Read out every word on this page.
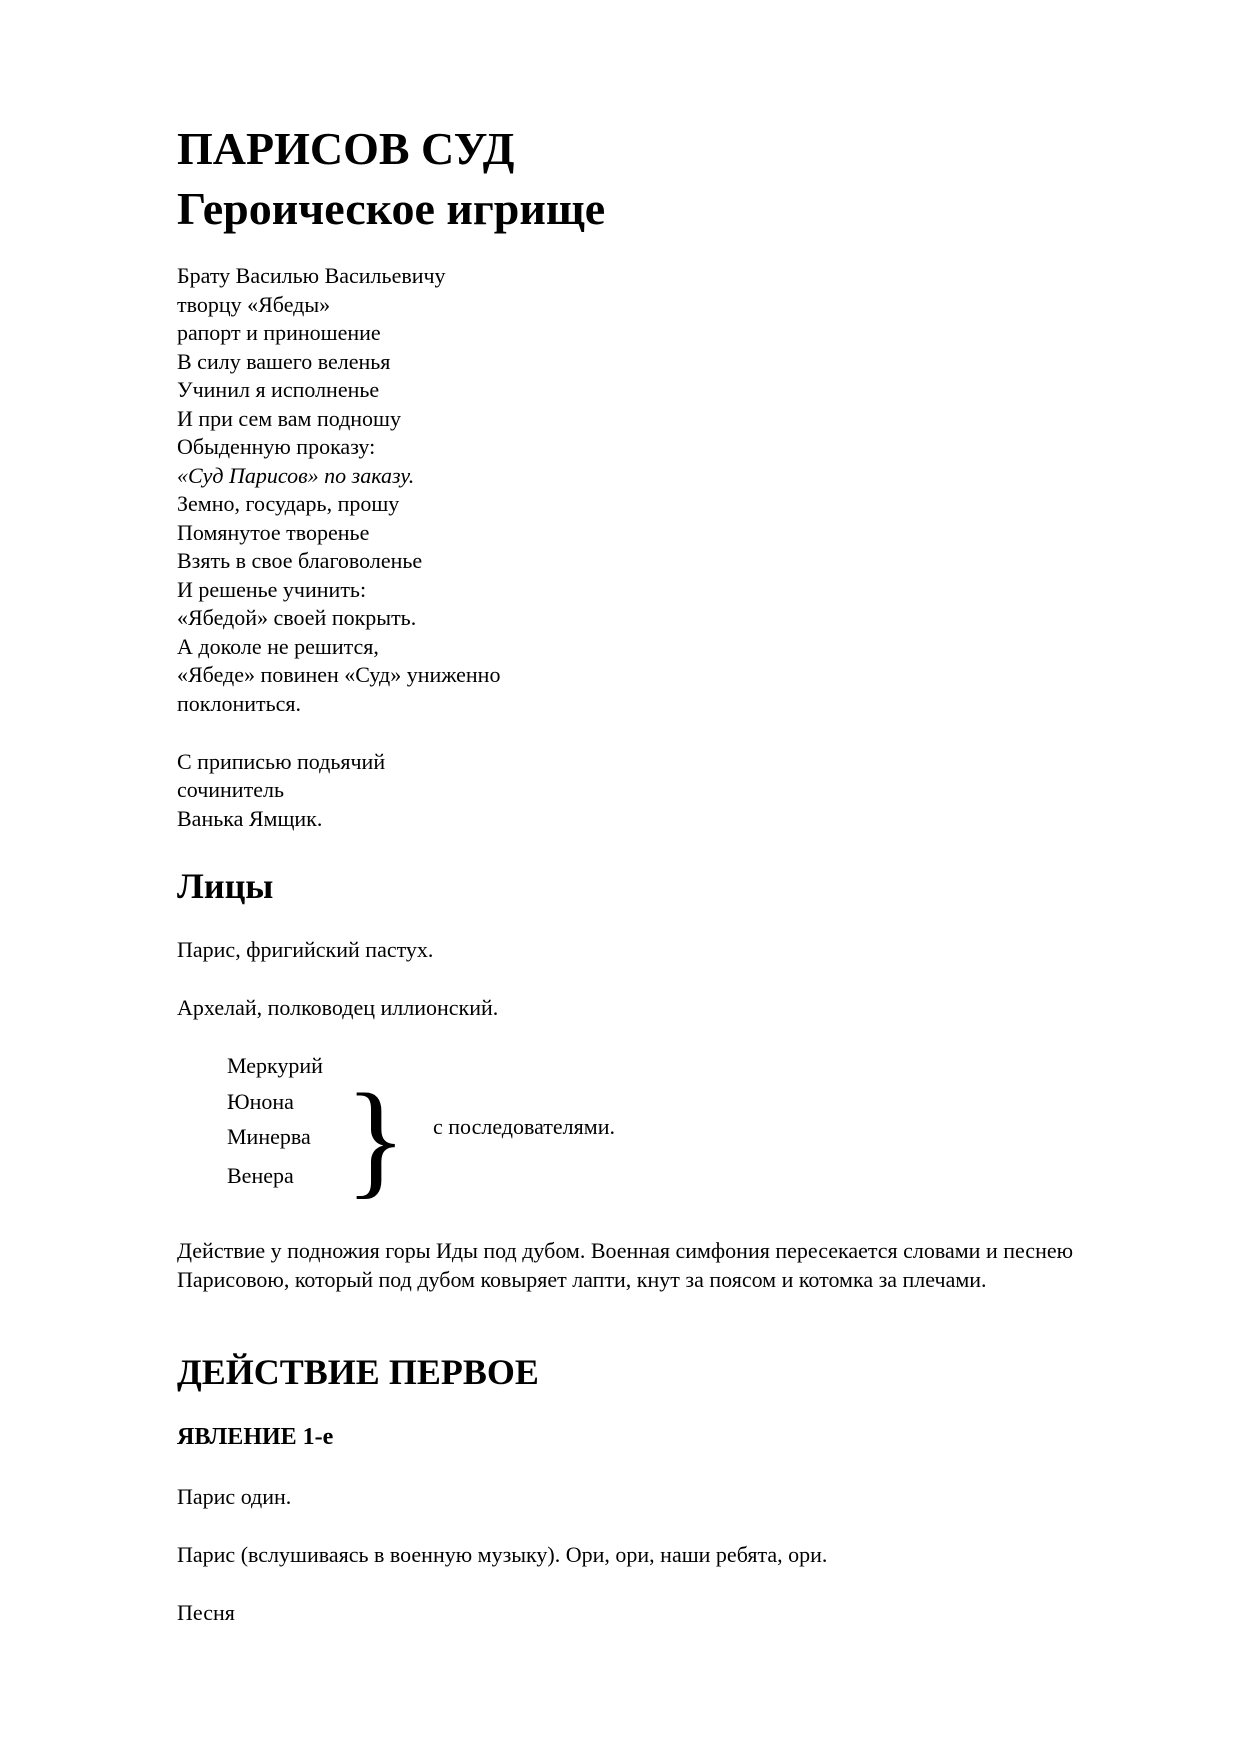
ПАРИСОВ СУД
Героическое игрище

Брату Василью Васильевичу

творцу «Ябеды»

рапорт и приношение

В силу вашего веленья

Учинил я исполненье

И при сем вам подношу

Обыденную проказу:

«Суд Парисов» по заказу.

Земно, государь, прошу

Помянутое творенье

Взять в свое благоволенье

И решенье учинить:

«Ябедой» своей покрыть.

А доколе не решится,

«Ябеде» повинен «Суд» униженно

поклониться.

С приписью подьячий

сочинитель

Ванька Ямщик.

Лицы

Парис, фригийский пастух.

Архелай, полководец иллионский.

Меркурий

Юнона

Минерва

Венера } с последователями.

Действие у подножия горы Иды под дубом. Военная симфония пересекается словами и песнею Парисовою, который под дубом ковыряет лапти, кнут за поясом и котомка за плечами.

ДЕЙСТВИЕ ПЕРВОЕ
ЯВЛЕНИЕ 1-е

Парис один.

Парис (вслушиваясь в военную музыку). Ори, ори, наши ребята, ори.

Песня
